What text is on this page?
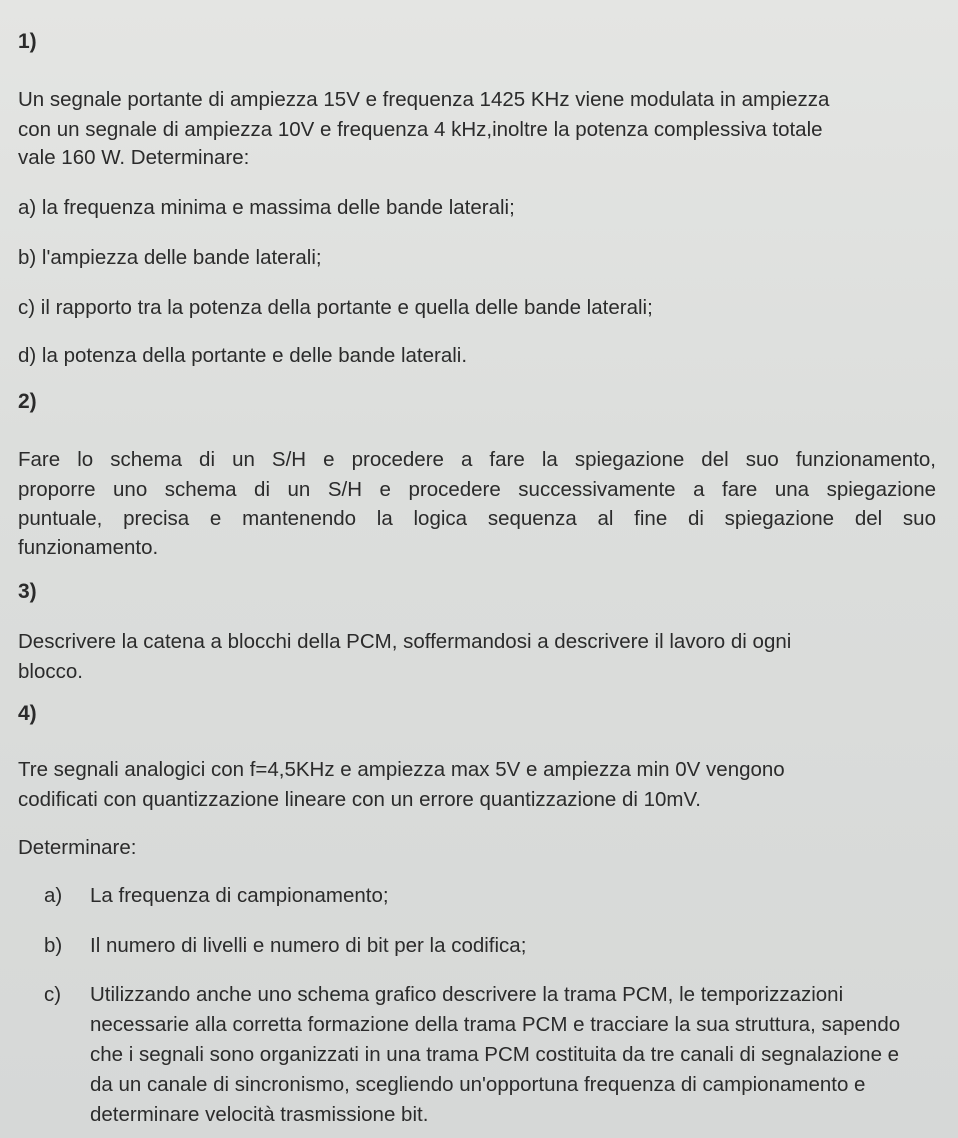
1)

Un segnale portante di ampiezza 15V e frequenza 1425 KHz viene modulata in ampiezza

con un segnale di ampiezza 10V e frequenza 4 kHz,inoltre la potenza complessiva totale

vale 160 W. Determinare:

a) la frequenza minima e massima delle bande laterali;

b) l'ampiezza delle bande laterali;

c) il rapporto tra la potenza della portante e quella delle bande laterali;

d) la potenza della portante e delle bande laterali.

2)

Fare lo schema di un S/H e procedere a fare la spiegazione del suo funzionamento,

proporre uno schema di un S/H e procedere successivamente a fare una spiegazione

puntuale, precisa e mantenendo la logica sequenza al fine di spiegazione del suo

funzionamento.

3)

Descrivere la catena a blocchi della PCM, soffermandosi a descrivere il lavoro di ogni

blocco.

4)

Tre segnali analogici con f=4,5KHz e ampiezza max 5V e ampiezza min 0V vengono

codificati con quantizzazione lineare con un errore quantizzazione di 10mV.

Determinare:

a)	La frequenza di campionamento;
b)	Il numero di livelli e numero di bit per la codifica;
c)	Utilizzando anche uno schema grafico descrivere la trama PCM, le temporizzazioni necessarie alla corretta formazione della trama PCM e tracciare la sua struttura, sapendo che i segnali sono organizzati in una trama PCM costituita da tre canali di segnalazione e da un canale di sincronismo, scegliendo un'opportuna frequenza di campionamento e determinare velocità trasmissione bit.
